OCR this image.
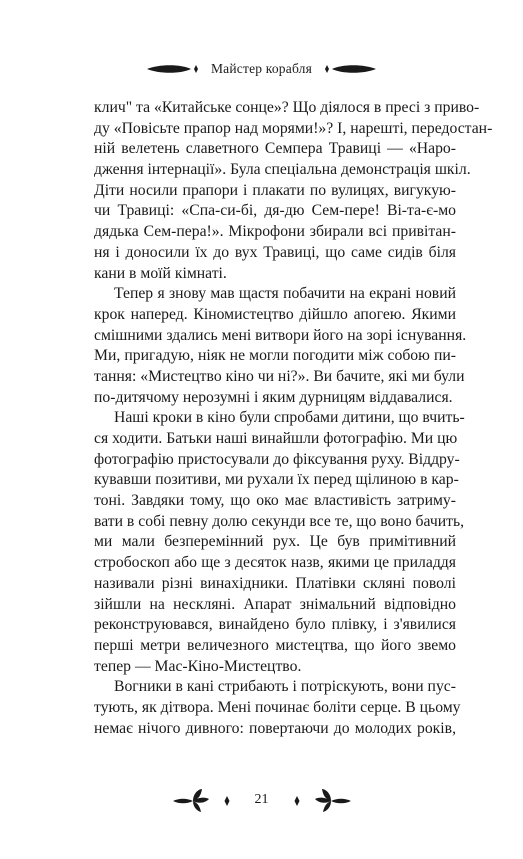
Майстер корабля
клич" та «Китайське сонце»? Що діялося в пресі з приво-
ду «Повісьте прапор над морями!»? І, нарешті, передостан-
ній велетень славетного Семпера Травиці — «Наро-
дження інтернації». Була спеціальна демонстрація шкіл.
Діти носили прапори і плакати по вулицях, вигукую-
чи Травиці: «Спа-си-бі, дя-дю Сем-пере! Ві-та-є-мо
дядька Сем-пера!». Мікрофони збирали всі привітан-
ня і доносили їх до вух Травиці, що саме сидів біля
кани в моїй кімнаті.
Тепер я знову мав щастя побачити на екрані новий
крок наперед. Кіномистецтво дійшло апогею. Якими
смішними здались мені витвори його на зорі існування.
Ми, пригадую, ніяк не могли погодити між собою пи-
тання: «Мистецтво кіно чи ні?». Ви бачите, які ми були
по-дитячому нерозумні і яким дурницям віддавалися.
Наші кроки в кіно були спробами дитини, що вчить-
ся ходити. Батьки наші винайшли фотографію. Ми цю
фотографію пристосували до фіксування руху. Віддру-
кувавши позитиви, ми рухали їх перед щілиною в кар-
тоні. Завдяки тому, що око має властивість затриму-
вати в собі певну долю секунди все те, що воно бачить,
ми мали безперемінний рух. Це був примітивний
стробоскоп або ще з десяток назв, якими це приладдя
називали різні винахідники. Платівки скляні поволі
зійшли на нескляні. Апарат знімальний відповідно
реконструювався, винайдено було плівку, і з'явилися
перші метри величезного мистецтва, що його звемо
тепер — Мас-Кіно-Мистецтво.
Вогники в кані стрибають і потріскують, вони пус-
тують, як дітвора. Мені починає боліти серце. В цьому
немає нічого дивного: повертаючи до молодих років,
21
